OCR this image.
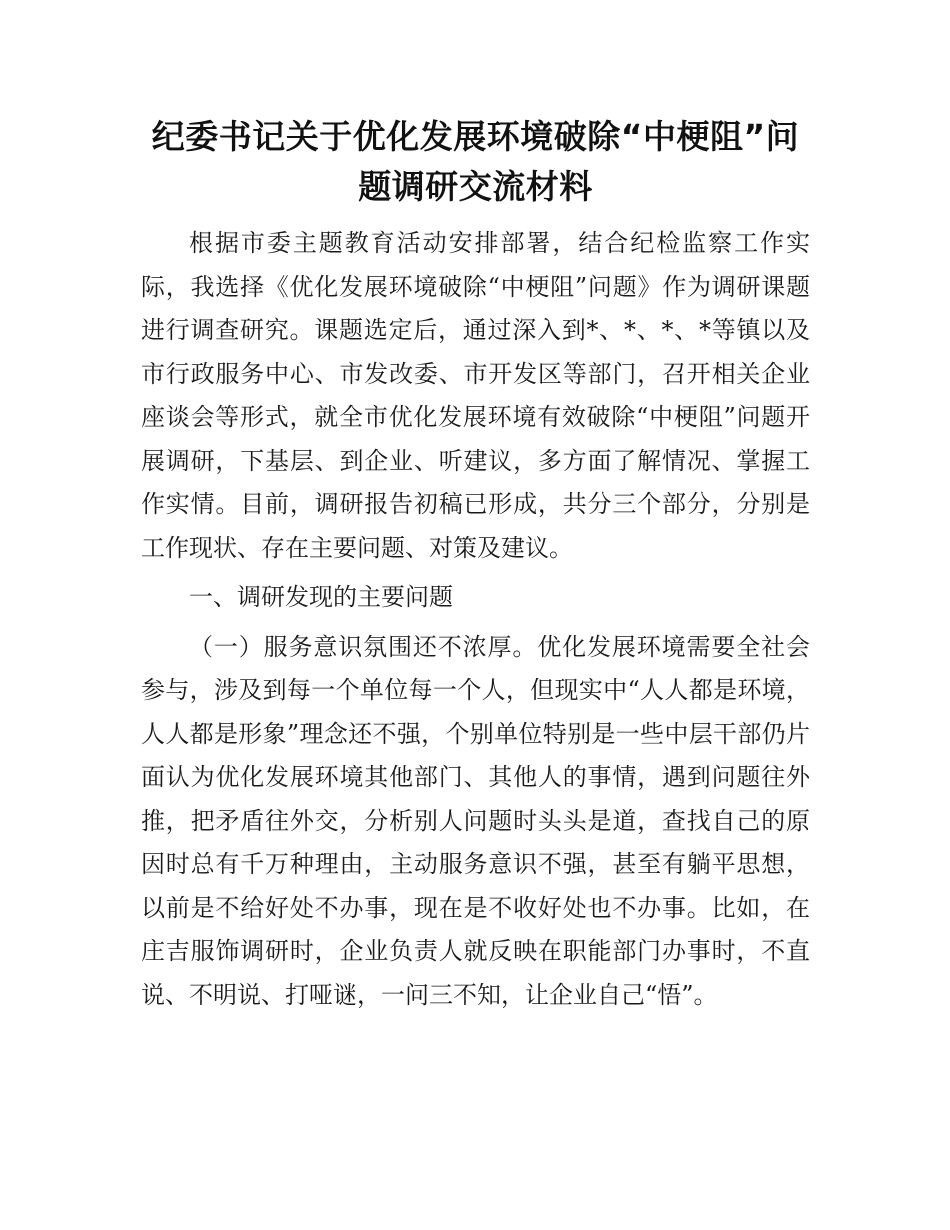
纪委书记关于优化发展环境破除“中梗阻”问题调研交流材料

根据市委主题教育活动安排部署，结合纪检监察工作实际，我选择《优化发展环境破除“中梗阻”问题》作为调研课题进行调查研究。课题选定后，通过深入到*、*、*、*等镇以及市行政服务中心、市发改委、市开发区等部门，召开相关企业座谈会等形式，就全市优化发展环境有效破除“中梗阻”问题开展调研，下基层、到企业、听建议，多方面了解情况、掌握工作实情。目前，调研报告初稿已形成，共分三个部分，分别是工作现状、存在主要问题、对策及建议。

一、调研发现的主要问题

（一）服务意识氛围还不浓厚。优化发展环境需要全社会参与，涉及到每一个单位每一个人，但现实中“人人都是环境，人人都是形象”理念还不强，个别单位特别是一些中层干部仍片面认为优化发展环境其他部门、其他人的事情，遇到问题往外推，把矛盾往外交，分析别人问题时头头是道，查找自己的原因时总有千万种理由，主动服务意识不强，甚至有躺平思想，以前是不给好处不办事，现在是不收好处也不办事。比如，在庄吉服饰调研时，企业负责人就反映在职能部门办事时，不直说、不明说、打哑谜，一问三不知，让企业自己“悟”。
